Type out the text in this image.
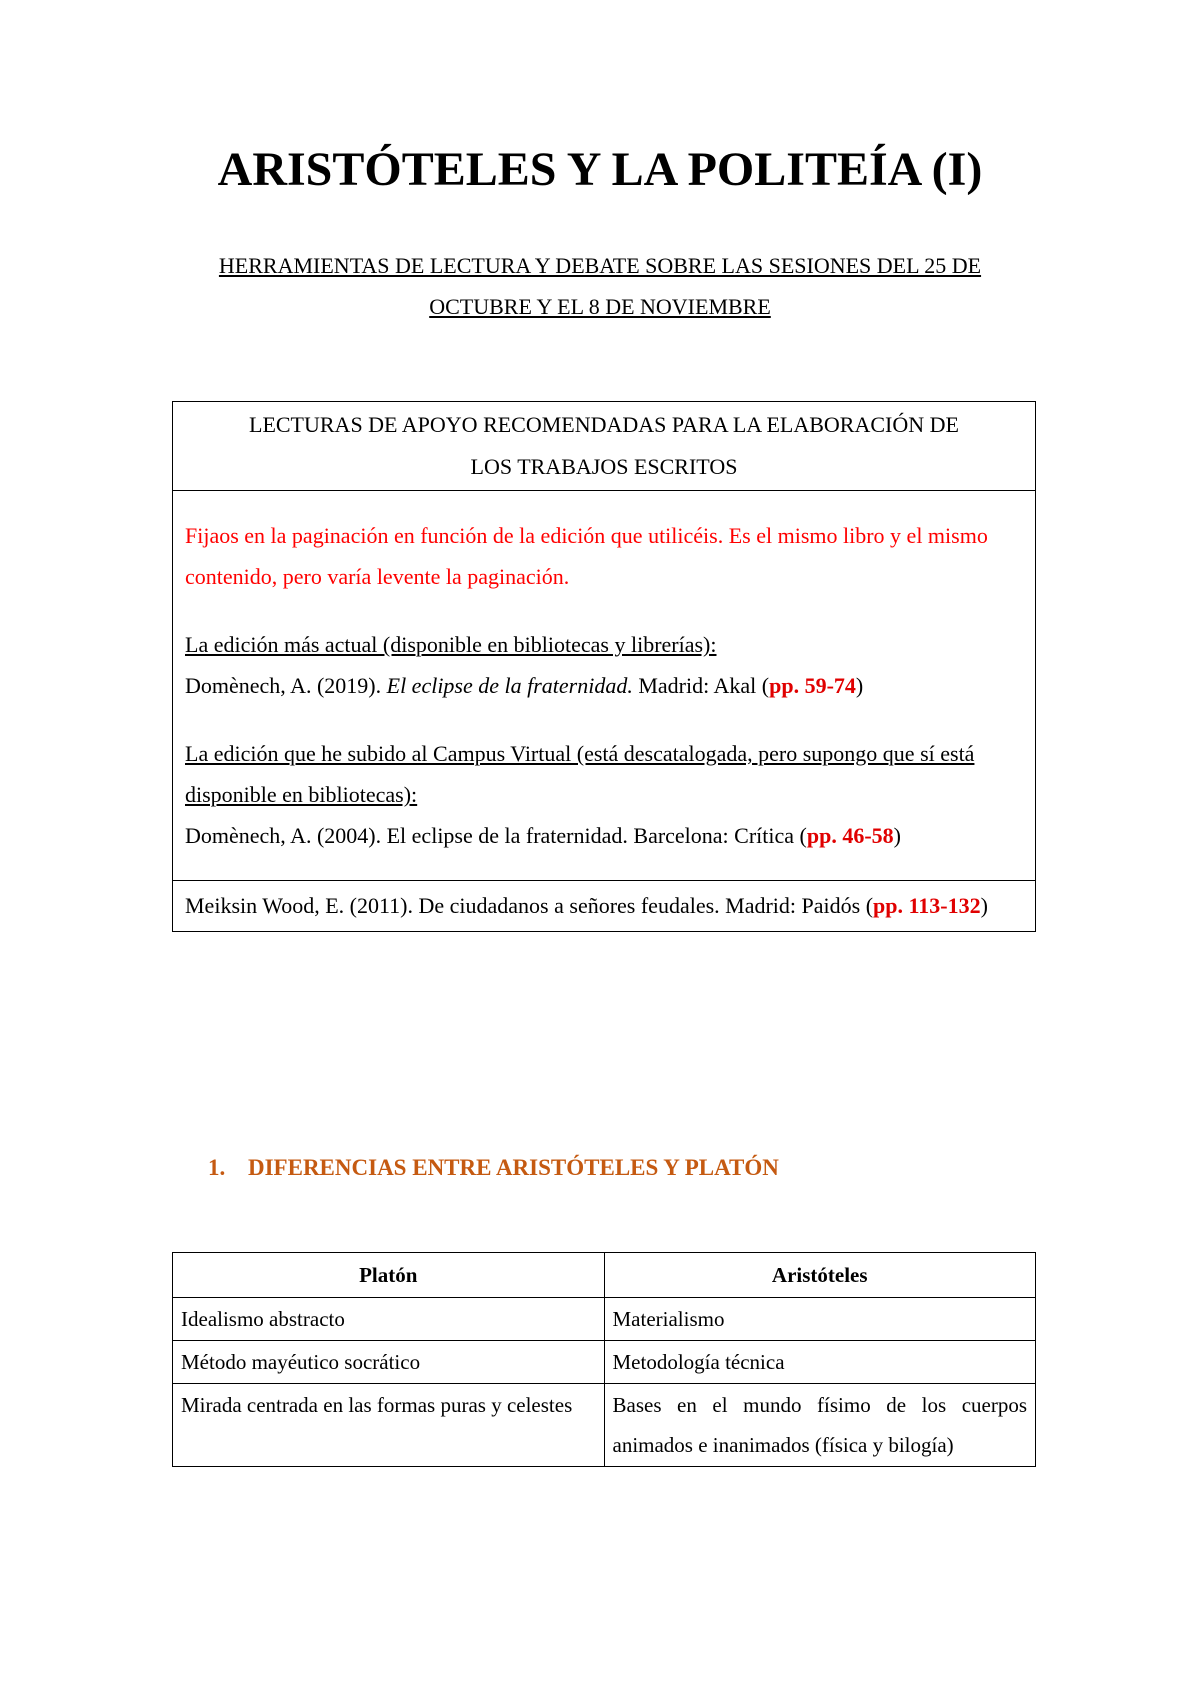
ARISTÓTELES Y LA POLITEÍA (I)
HERRAMIENTAS DE LECTURA Y DEBATE SOBRE LAS SESIONES DEL 25 DE
OCTUBRE Y EL 8 DE NOVIEMBRE
LECTURAS DE APOYO RECOMENDADAS PARA LA ELABORACIÓN DE
LOS TRABAJOS ESCRITOS

Fijaos en la paginación en función de la edición que utilicéis. Es el mismo libro y el mismo contenido, pero varía levente la paginación.
La edición más actual (disponible en bibliotecas y librerías):
Domènech, A. (2019). El eclipse de la fraternidad. Madrid: Akal (pp. 59-74)
La edición que he subido al Campus Virtual (está descatalogada, pero supongo que sí está disponible en bibliotecas):
Domènech, A. (2004). El eclipse de la fraternidad. Barcelona: Crítica (pp. 46-58)

Meiksin Wood, E. (2011). De ciudadanos a señores feudales. Madrid: Paidós (pp. 113-132)
1. DIFERENCIAS ENTRE ARISTÓTELES Y PLATÓN
Platón	Aristóteles
Idealismo abstracto	Materialismo
Método mayéutico socrático	Metodología técnica
Mirada centrada en las formas puras y celestes	Bases en el mundo físimo de los cuerpos animados e inanimados (física y bilogía)
